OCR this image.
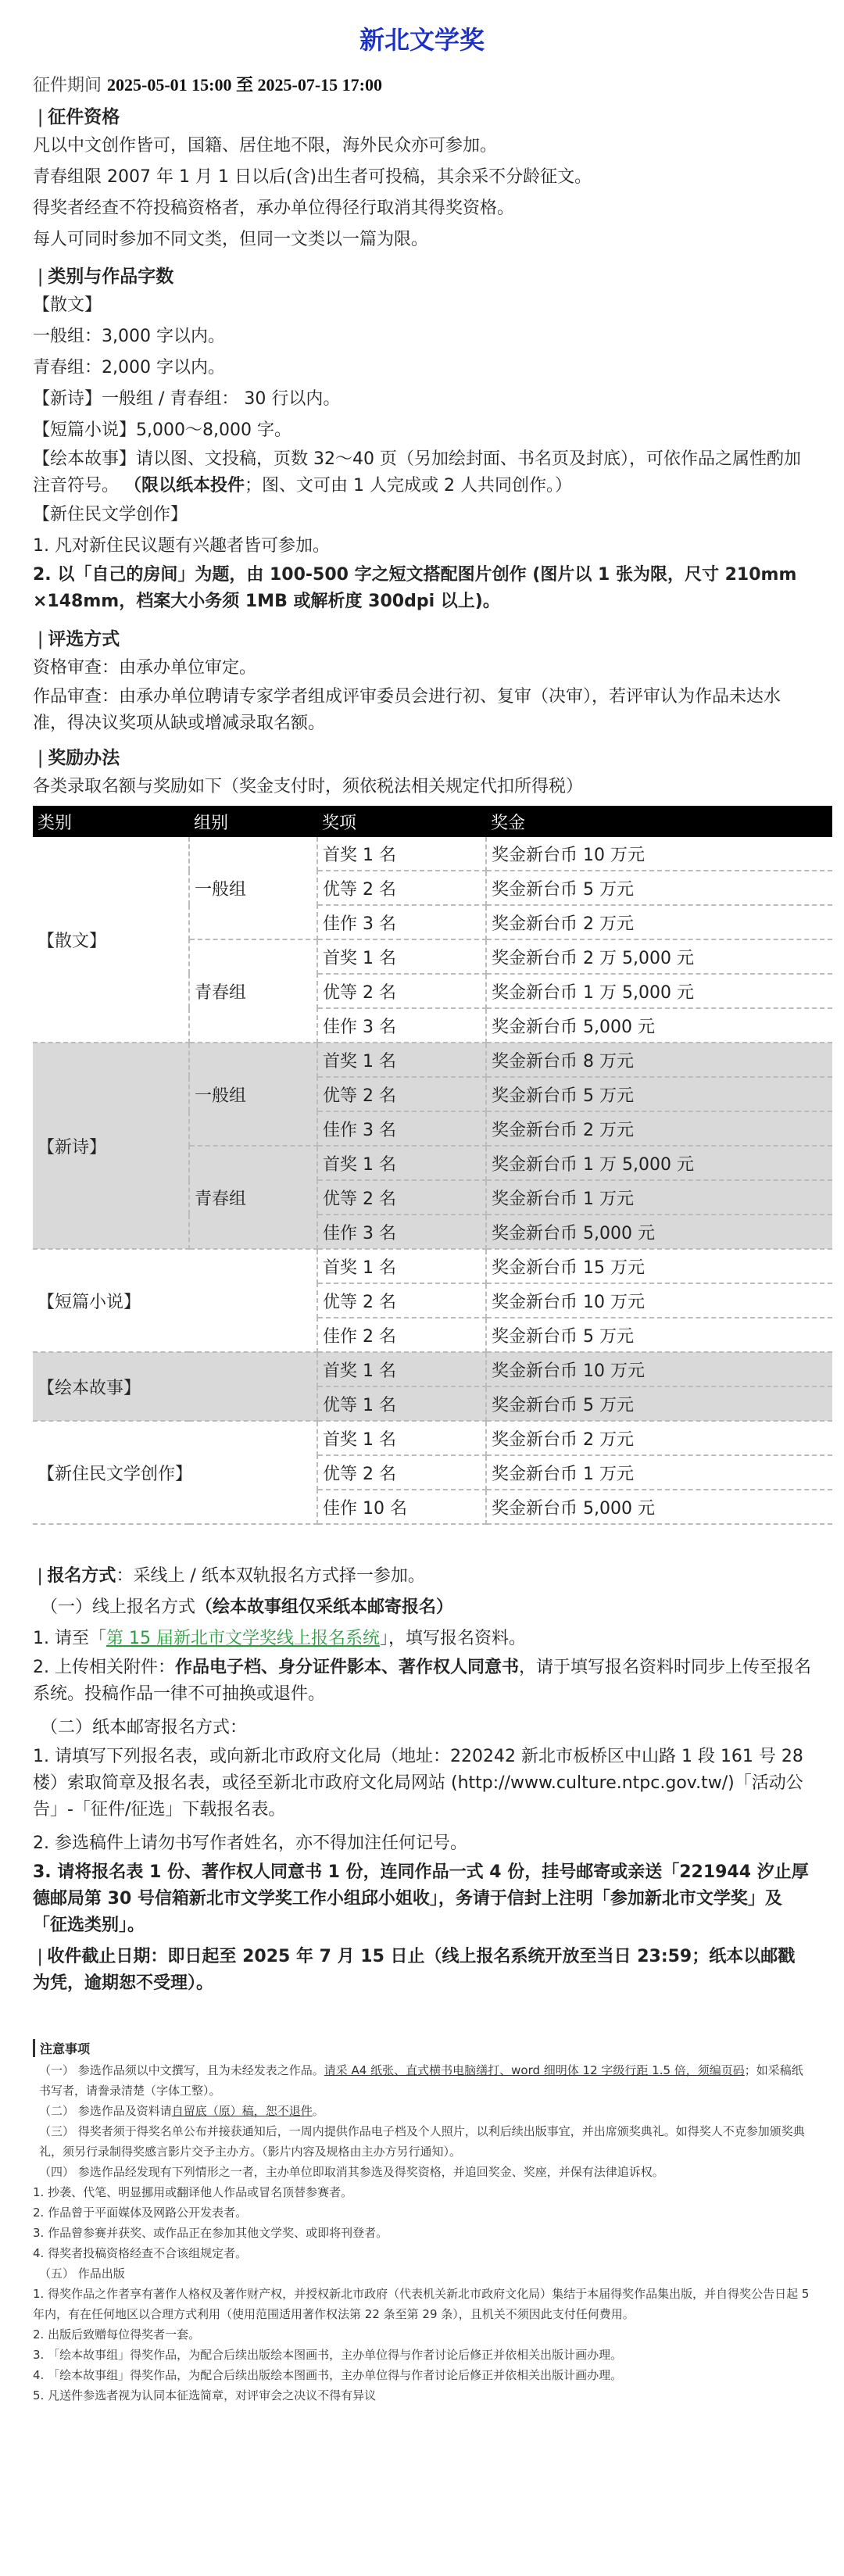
新北文学奖
征件期间 2025-05-01 15:00 至 2025-07-15 17:00
❘征件资格
凡以中文创作皆可，国籍、居住地不限，海外民众亦可参加。
青春组限 2007 年 1 月 1 日以后(含)出生者可投稿，其余采不分龄征文。
得奖者经查不符投稿资格者，承办单位得径行取消其得奖资格。
每人可同时参加不同文类，但同一文类以一篇为限。
❘类别与作品字数
【散文】
一般组：3,000 字以内。
青春组：2,000 字以内。
【新诗】一般组 / 青春组： 30 行以内。
【短篇小说】5,000～8,000 字。
【绘本故事】请以图、文投稿，页数 32～40 页（另加绘封面、书名页及封底），可依作品之属性酌加注音符号。 （限以纸本投件；图、文可由 1 人完成或 2 人共同创作。）
【新住民文学创作】
1. 凡对新住民议题有兴趣者皆可参加。
2. 以「自己的房间」为题，由 100-500 字之短文搭配图片创作 (图片以 1 张为限，尺寸 210mm ×148mm，档案大小务须 1MB 或解析度 300dpi 以上)。
❘评选方式
资格审查：由承办单位审定。
作品审查：由承办单位聘请专家学者组成评审委员会进行初、复审（决审），若评审认为作品未达水准，得决议奖项从缺或增减录取名额。
❘奖励办法
各类录取名额与奖励如下（奖金支付时，须依税法相关规定代扣所得税）
类别	组别	奖项	奖金
【散文】	一般组	首奖 1 名	奖金新台币 10 万元
		优等 2 名	奖金新台币 5 万元
		佳作 3 名	奖金新台币 2 万元
	青春组	首奖 1 名	奖金新台币 2 万 5,000 元
		优等 2 名	奖金新台币 1 万 5,000 元
		佳作 3 名	奖金新台币 5,000 元
【新诗】	一般组	首奖 1 名	奖金新台币 8 万元
		优等 2 名	奖金新台币 5 万元
		佳作 3 名	奖金新台币 2 万元
	青春组	首奖 1 名	奖金新台币 1 万 5,000 元
		优等 2 名	奖金新台币 1 万元
		佳作 3 名	奖金新台币 5,000 元
【短篇小说】		首奖 1 名	奖金新台币 15 万元
		优等 2 名	奖金新台币 10 万元
		佳作 2 名	奖金新台币 5 万元
【绘本故事】		首奖 1 名	奖金新台币 10 万元
		优等 1 名	奖金新台币 5 万元
【新住民文学创作】		首奖 1 名	奖金新台币 2 万元
		优等 2 名	奖金新台币 1 万元
		佳作 10 名	奖金新台币 5,000 元
❘报名方式：采线上 / 纸本双轨报名方式择一参加。
（一）线上报名方式（绘本故事组仅采纸本邮寄报名）
1. 请至「第 15 届新北市文学奖线上报名系统」，填写报名资料。
2. 上传相关附件：作品电子档、身分证件影本、著作权人同意书，请于填写报名资料时同步上传至报名系统。投稿作品一律不可抽换或退件。
（二）纸本邮寄报名方式：
1. 请填写下列报名表，或向新北市政府文化局（地址：220242 新北市板桥区中山路 1 段 161 号 28 楼）索取简章及报名表，或径至新北市政府文化局网站 (http://www.culture.ntpc.gov.tw/)「活动公告」-「征件/征选」下载报名表。
2. 参选稿件上请勿书写作者姓名，亦不得加注任何记号。
3. 请将报名表 1 份、著作权人同意书 1 份，连同作品一式 4 份，挂号邮寄或亲送「221944 汐止厚德邮局第 30 号信箱新北市文学奖工作小组邱小姐收」，务请于信封上注明「参加新北市文学奖」及「征选类别」。
❘收件截止日期：即日起至 2025 年 7 月 15 日止（线上报名系统开放至当日 23:59；纸本以邮戳为凭，逾期恕不受理）。
注意事项
（一） 参选作品须以中文撰写，且为未经发表之作品。请采 A4 纸张、直式横书电脑缮打、word 细明体 12 字级行距 1.5 倍，须编页码；如采稿纸书写者，请誊录清楚（字体工整）。
（二） 参选作品及资料请自留底（原）稿，恕不退件。
（三） 得奖者须于得奖名单公布并接获通知后，一周内提供作品电子档及个人照片，以利后续出版事宜，并出席颁奖典礼。如得奖人不克参加颁奖典礼，须另行录制得奖感言影片交予主办方。（影片内容及规格由主办方另行通知）。
（四） 参选作品经发现有下列情形之一者，主办单位即取消其参选及得奖资格，并追回奖金、奖座，并保有法律追诉权。
1. 抄袭、代笔、明显挪用或翻译他人作品或冒名顶替参赛者。
2. 作品曾于平面媒体及网路公开发表者。
3. 作品曾参赛并获奖、或作品正在参加其他文学奖、或即将刊登者。
4. 得奖者投稿资格经查不合该组规定者。
（五） 作品出版
1. 得奖作品之作者享有著作人格权及著作财产权，并授权新北市政府（代表机关新北市政府文化局）集结于本届得奖作品集出版，并自得奖公告日起 5 年内，有在任何地区以合理方式利用（使用范围适用著作权法第 22 条至第 29 条），且机关不须因此支付任何费用。
2. 出版后致赠每位得奖者一套。
3. 「绘本故事组」得奖作品，为配合后续出版绘本图画书，主办单位得与作者讨论后修正并依相关出版计画办理。
4. 「绘本故事组」得奖作品，为配合后续出版绘本图画书，主办单位得与作者讨论后修正并依相关出版计画办理。
5. 凡送件参选者视为认同本征选简章，对评审会之决议不得有异议
